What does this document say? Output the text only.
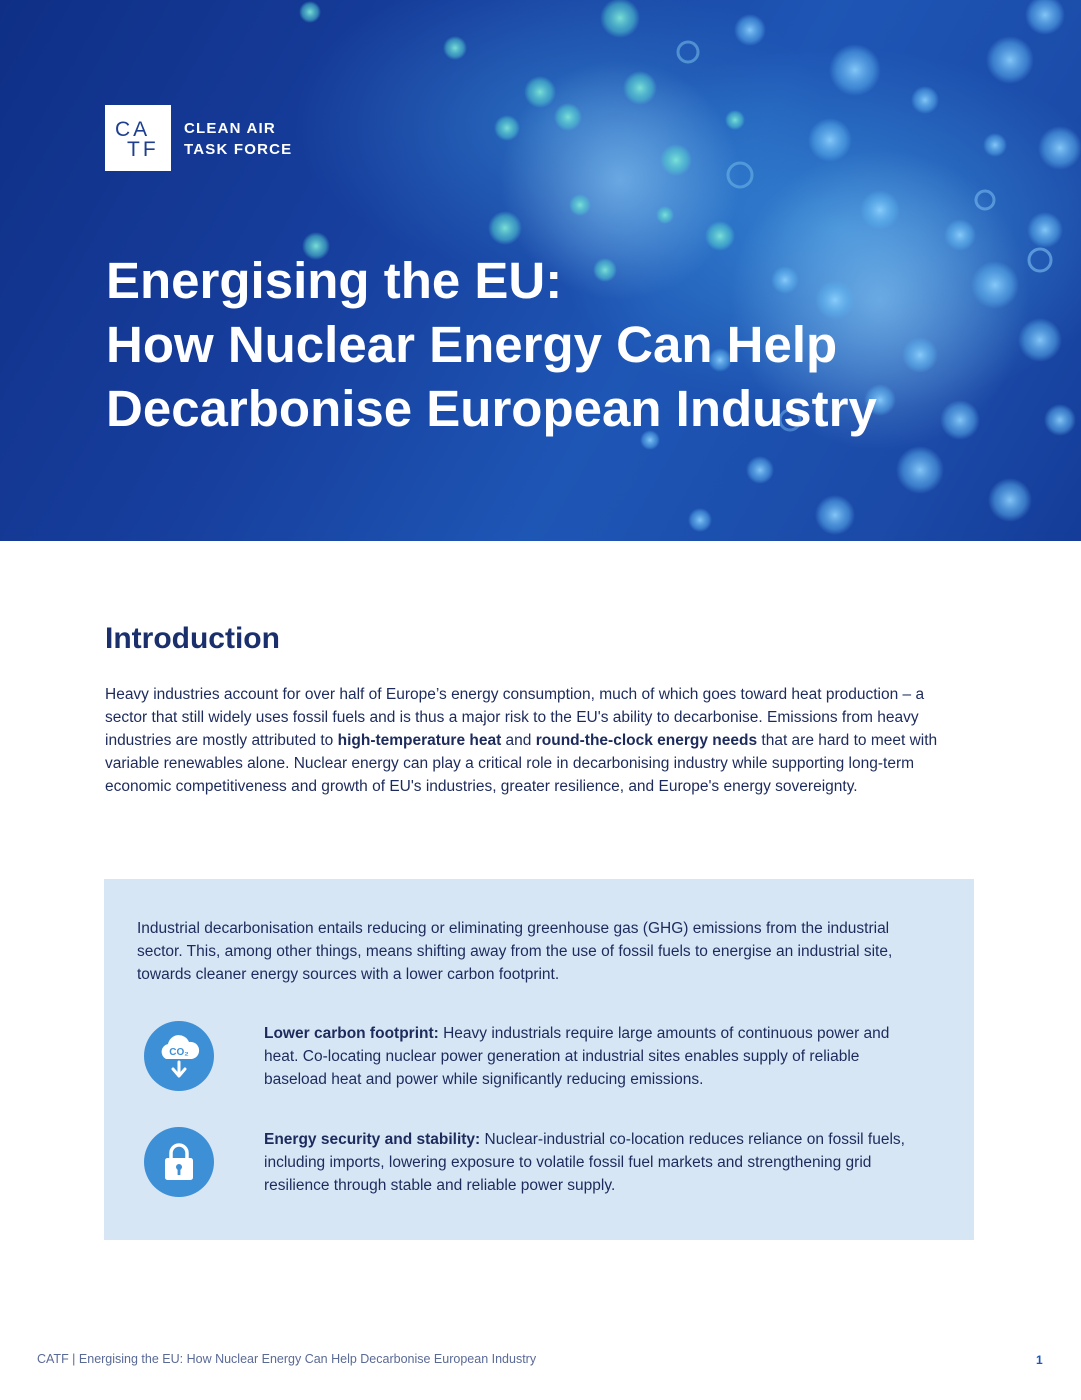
CA
TF
CLEAN AIR
TASK FORCE
Energising the EU:
How Nuclear Energy Can Help
Decarbonise European Industry
Introduction

Heavy industries account for over half of Europe’s energy consumption, much of which goes toward heat production – a sector that still widely uses fossil fuels and is thus a major risk to the EU's ability to decarbonise. Emissions from heavy industries are mostly attributed to high-temperature heat and round-the-clock energy needs that are hard to meet with variable renewables alone. Nuclear energy can play a critical role in decarbonising industry while supporting long-term economic competitiveness and growth of EU's industries, greater resilience, and Europe's energy sovereignty.

Industrial decarbonisation entails reducing or eliminating greenhouse gas (GHG) emissions from the industrial sector. This, among other things, means shifting away from the use of fossil fuels to energise an industrial site, towards cleaner energy sources with a lower carbon footprint.

CO₂

Lower carbon footprint: Heavy industrials require large amounts of continuous power and heat. Co-locating nuclear power generation at industrial sites enables supply of reliable baseload heat and power while significantly reducing emissions.

Energy security and stability: Nuclear-industrial co-location reduces reliance on fossil fuels, including imports, lowering exposure to volatile fossil fuel markets and strengthening grid resilience through stable and reliable power supply.

CATF | Energising the EU: How Nuclear Energy Can Help Decarbonise European Industry	1
